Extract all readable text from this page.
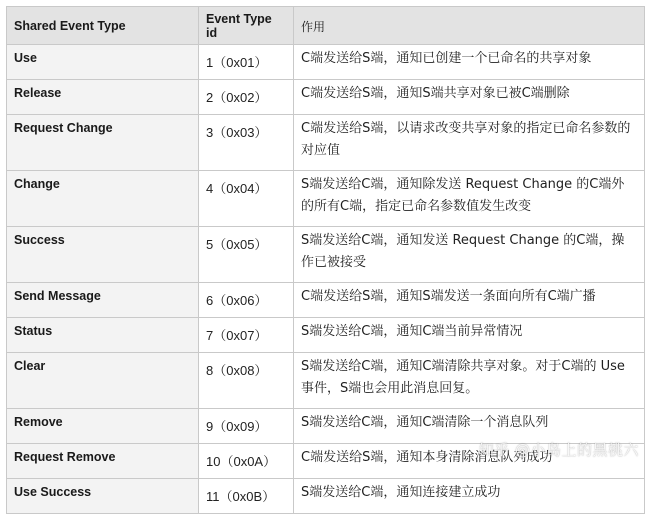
Shared Event Type	Event Type id	作用
Use	1（0x01）	C端发送给S端，通知已创建一个已命名的共享对象
Release	2（0x02）	C端发送给S端，通知S端共享对象已被C端删除
Request Change	3（0x03）	C端发送给S端，以请求改变共享对象的指定已命名参数的对应值
Change	4（0x04）	S端发送给C端，通知除发送 Request Change 的C端外的所有C端，指定已命名参数值发生改变
Success	5（0x05）	S端发送给C端，通知发送 Request Change 的C端，操作已被接受
Send Message	6（0x06）	C端发送给S端，通知S端发送一条面向所有C端广播
Status	7（0x07）	S端发送给C端，通知C端当前异常情况
Clear	8（0x08）	S端发送给C端，通知C端清除共享对象。对于C端的 Use 事件，S端也会用此消息回复。
Remove	9（0x09）	S端发送给C端，通知C端清除一个消息队列
Request Remove	10（0x0A）	C端发送给S端，通知本身清除消息队列成功
Use Success	11（0x0B）	S端发送给C端，通知连接建立成功
知乎 @小岛上的黑桃六
